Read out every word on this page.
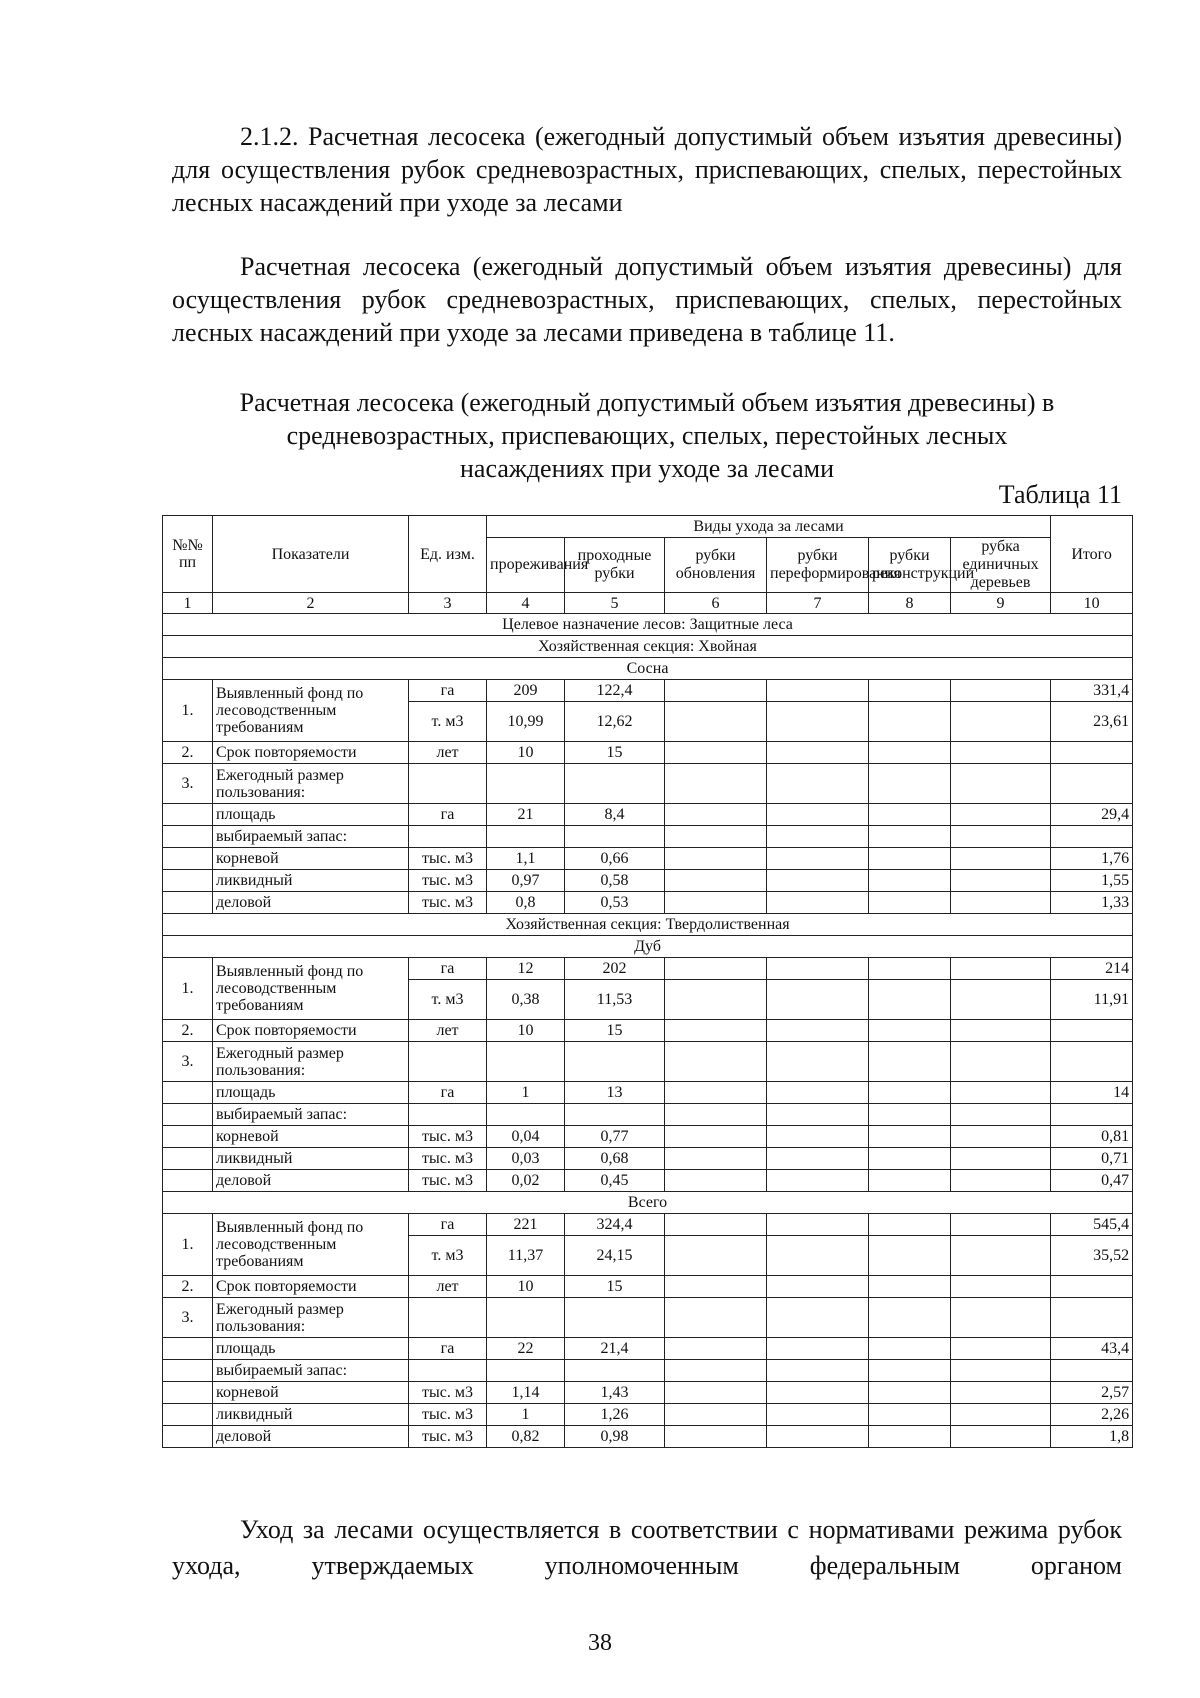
2.1.2. Расчетная лесосека (ежегодный допустимый объем изъятия древесины) для осуществления рубок средневозрастных, приспевающих, спелых, перестойных лесных насаждений при уходе за лесами

Расчетная лесосека (ежегодный допустимый объем изъятия древесины) для осуществления рубок средневозрастных, приспевающих, спелых, перестойных лесных насаждений при уходе за лесами приведена в таблице 11.

Расчетная лесосека (ежегодный допустимый объем изъятия древесины) в
средневозрастных, приспевающих, спелых, перестойных лесных
насаждениях при уходе за лесами

Таблица 11

№№ пп	Показатели	Ед. изм.	Виды ухода за лесами						Итого
			прореживания	проходные рубки	рубки обновления	рубки переформирования	рубки реконструкции	рубка единичных деревьев	
1	2	3	4	5	6	7	8	9	10
Целевое назначение лесов: Защитные леса									
Хозяйственная секция: Хвойная									
Сосна									
1.	Выявленный фонд по лесоводственным требованиям	га	209	122,4					331,4
		т. м3	10,99	12,62					23,61
2.	Срок повторяемости	лет	10	15					
3.	Ежегодный размер пользования:								
	площадь	га	21	8,4					29,4
	выбираемый запас:								
	корневой	тыс. м3	1,1	0,66					1,76
	ликвидный	тыс. м3	0,97	0,58					1,55
	деловой	тыс. м3	0,8	0,53					1,33
Хозяйственная секция: Твердолиственная									
Дуб									
1.	Выявленный фонд по лесоводственным требованиям	га	12	202					214
		т. м3	0,38	11,53					11,91
2.	Срок повторяемости	лет	10	15					
3.	Ежегодный размер пользования:								
	площадь	га	1	13					14
	выбираемый запас:								
	корневой	тыс. м3	0,04	0,77					0,81
	ликвидный	тыс. м3	0,03	0,68					0,71
	деловой	тыс. м3	0,02	0,45					0,47
Всего									
1.	Выявленный фонд по лесоводственным требованиям	га	221	324,4					545,4
		т. м3	11,37	24,15					35,52
2.	Срок повторяемости	лет	10	15					
3.	Ежегодный размер пользования:								
	площадь	га	22	21,4					43,4
	выбираемый запас:								
	корневой	тыс. м3	1,14	1,43					2,57
	ликвидный	тыс. м3	1	1,26					2,26
	деловой	тыс. м3	0,82	0,98					1,8

Уход за лесами осуществляется в соответствии с нормативами режима рубок ухода, утверждаемых уполномоченным федеральным органом

38
